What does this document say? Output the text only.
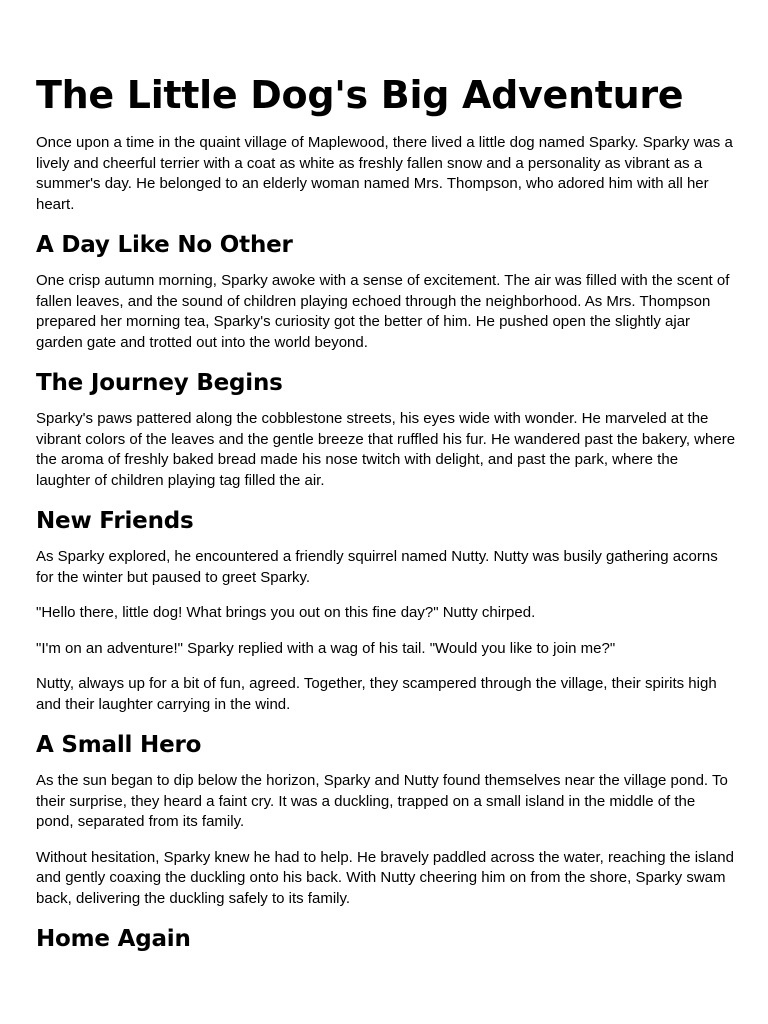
The Little Dog's Big Adventure

Once upon a time in the quaint village of Maplewood, there lived a little dog named Sparky. Sparky was a lively and cheerful terrier with a coat as white as freshly fallen snow and a personality as vibrant as a summer's day. He belonged to an elderly woman named Mrs. Thompson, who adored him with all her heart.

A Day Like No Other

One crisp autumn morning, Sparky awoke with a sense of excitement. The air was filled with the scent of fallen leaves, and the sound of children playing echoed through the neighborhood. As Mrs. Thompson prepared her morning tea, Sparky's curiosity got the better of him. He pushed open the slightly ajar garden gate and trotted out into the world beyond.

The Journey Begins

Sparky's paws pattered along the cobblestone streets, his eyes wide with wonder. He marveled at the vibrant colors of the leaves and the gentle breeze that ruffled his fur. He wandered past the bakery, where the aroma of freshly baked bread made his nose twitch with delight, and past the park, where the laughter of children playing tag filled the air.

New Friends

As Sparky explored, he encountered a friendly squirrel named Nutty. Nutty was busily gathering acorns for the winter but paused to greet Sparky.

"Hello there, little dog! What brings you out on this fine day?" Nutty chirped.

"I'm on an adventure!" Sparky replied with a wag of his tail. "Would you like to join me?"

Nutty, always up for a bit of fun, agreed. Together, they scampered through the village, their spirits high and their laughter carrying in the wind.

A Small Hero

As the sun began to dip below the horizon, Sparky and Nutty found themselves near the village pond. To their surprise, they heard a faint cry. It was a duckling, trapped on a small island in the middle of the pond, separated from its family.

Without hesitation, Sparky knew he had to help. He bravely paddled across the water, reaching the island and gently coaxing the duckling onto his back. With Nutty cheering him on from the shore, Sparky swam back, delivering the duckling safely to its family.

Home Again
